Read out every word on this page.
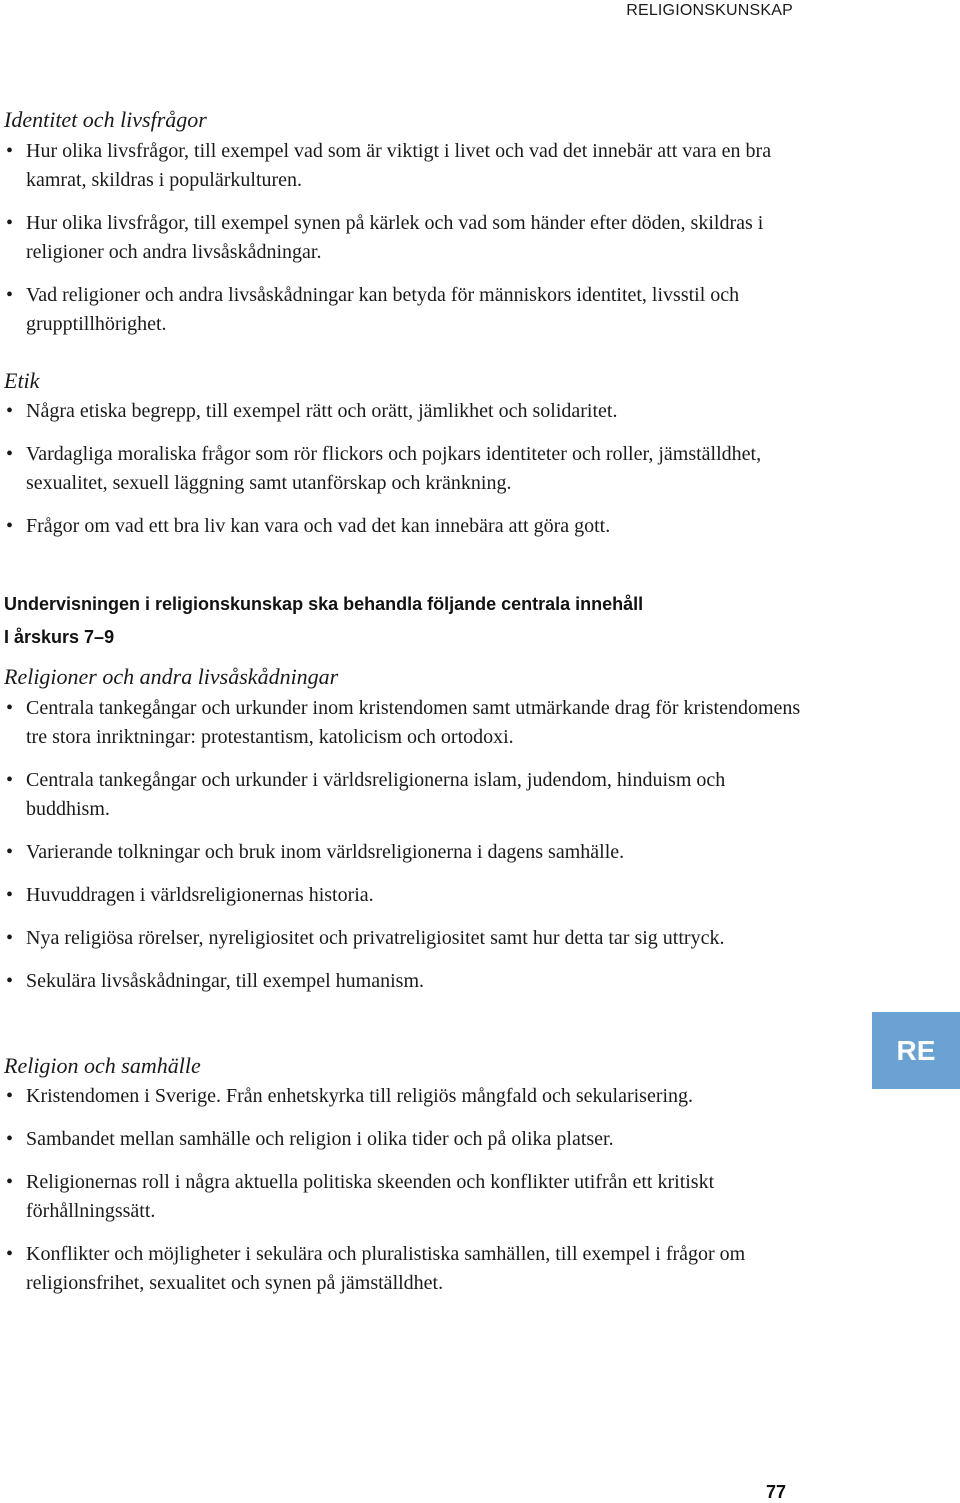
RELIGIONSKUNSKAP
Identitet och livsfrågor
• Hur olika livsfrågor, till exempel vad som är viktigt i livet och vad det innebär att vara en bra kamrat, skildras i populärkulturen.
• Hur olika livsfrågor, till exempel synen på kärlek och vad som händer efter döden, skildras i religioner och andra livsåskådningar.
• Vad religioner och andra livsåskådningar kan betyda för människors identitet, livsstil och grupptillhörighet.
Etik
• Några etiska begrepp, till exempel rätt och orätt, jämlikhet och solidaritet.
• Vardagliga moraliska frågor som rör flickors och pojkars identiteter och roller, jämställdhet, sexualitet, sexuell läggning samt utanförskap och kränkning.
• Frågor om vad ett bra liv kan vara och vad det kan innebära att göra gott.
Undervisningen i religionskunskap ska behandla följande centrala innehåll
I årskurs 7–9
Religioner och andra livsåskådningar
• Centrala tankegångar och urkunder inom kristendomen samt utmärkande drag för kristendomens tre stora inriktningar: protestantism, katolicism och ortodoxi.
• Centrala tankegångar och urkunder i världsreligionerna islam, judendom, hinduism och buddhism.
• Varierande tolkningar och bruk inom världsreligionerna i dagens samhälle.
• Huvuddragen i världsreligionernas historia.
• Nya religiösa rörelser, nyreligiositet och privatreligiositet samt hur detta tar sig uttryck.
• Sekulära livsåskådningar, till exempel humanism.
Religion och samhälle
• Kristendomen i Sverige. Från enhetskyrka till religiös mångfald och sekularisering.
• Sambandet mellan samhälle och religion i olika tider och på olika platser.
• Religionernas roll i några aktuella politiska skeenden och konflikter utifrån ett kritiskt förhållningssätt.
• Konflikter och möjligheter i sekulära och pluralistiska samhällen, till exempel i frågor om religionsfrihet, sexualitet och synen på jämställdhet.
RE
77
